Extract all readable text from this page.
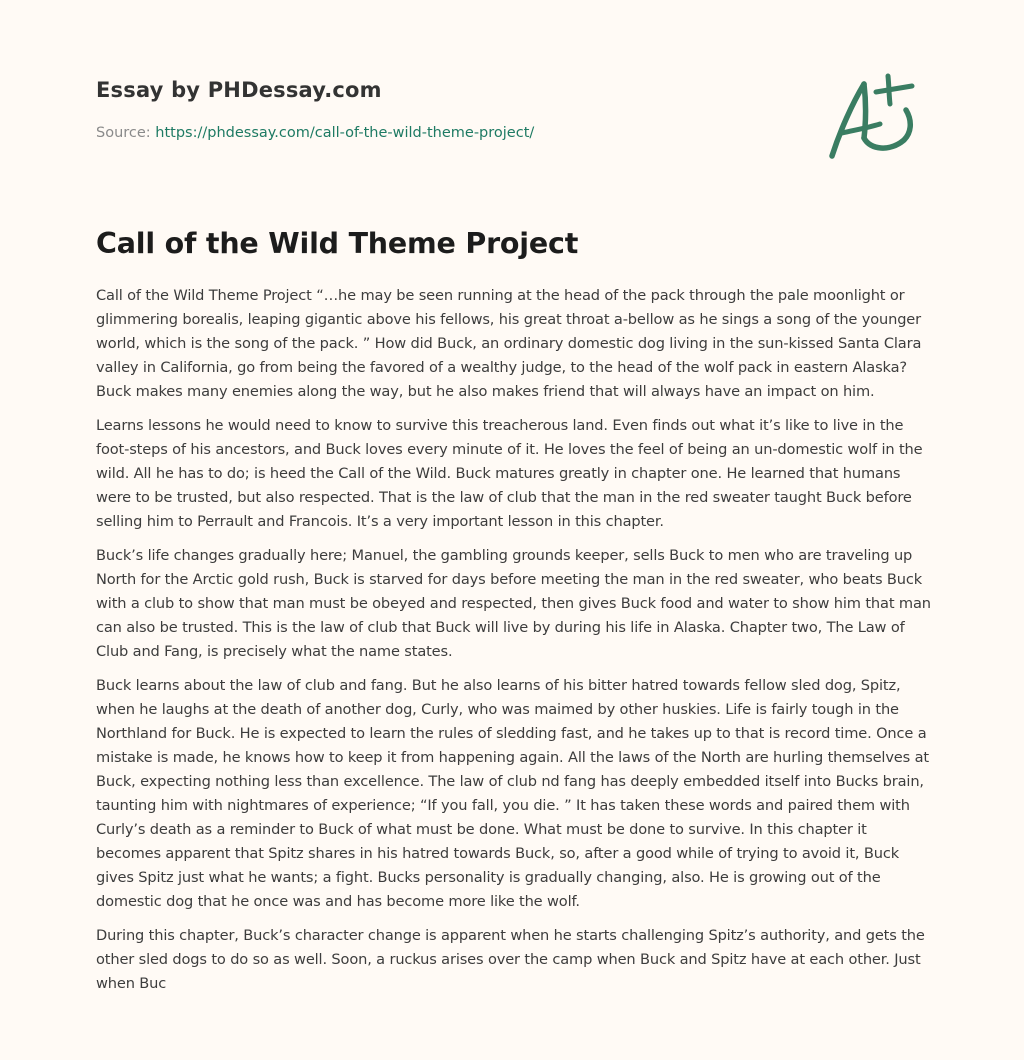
Essay by PHDessay.com
Source: https://phdessay.com/call-of-the-wild-theme-project/
Call of the Wild Theme Project

Call of the Wild Theme Project “…he may be seen running at the head of the pack through the pale moonlight or glimmering borealis, leaping gigantic above his fellows, his great throat a-bellow as he sings a song of the younger world, which is the song of the pack. ” How did Buck, an ordinary domestic dog living in the sun-kissed Santa Clara valley in California, go from being the favored of a wealthy judge, to the head of the wolf pack in eastern Alaska? Buck makes many enemies along the way, but he also makes friend that will always have an impact on him.

Learns lessons he would need to know to survive this treacherous land. Even finds out what it’s like to live in the foot-steps of his ancestors, and Buck loves every minute of it. He loves the feel of being an un-domestic wolf in the wild. All he has to do; is heed the Call of the Wild. Buck matures greatly in chapter one. He learned that humans were to be trusted, but also respected. That is the law of club that the man in the red sweater taught Buck before selling him to Perrault and Francois. It’s a very important lesson in this chapter.

Buck’s life changes gradually here; Manuel, the gambling grounds keeper, sells Buck to men who are traveling up North for the Arctic gold rush, Buck is starved for days before meeting the man in the red sweater, who beats Buck with a club to show that man must be obeyed and respected, then gives Buck food and water to show him that man can also be trusted. This is the law of club that Buck will live by during his life in Alaska. Chapter two, The Law of Club and Fang, is precisely what the name states.

Buck learns about the law of club and fang. But he also learns of his bitter hatred towards fellow sled dog, Spitz, when he laughs at the death of another dog, Curly, who was maimed by other huskies. Life is fairly tough in the Northland for Buck. He is expected to learn the rules of sledding fast, and he takes up to that is record time. Once a mistake is made, he knows how to keep it from happening again. All the laws of the North are hurling themselves at Buck, expecting nothing less than excellence. The law of club nd fang has deeply embedded itself into Bucks brain, taunting him with nightmares of experience; “If you fall, you die. ” It has taken these words and paired them with Curly’s death as a reminder to Buck of what must be done. What must be done to survive. In this chapter it becomes apparent that Spitz shares in his hatred towards Buck, so, after a good while of trying to avoid it, Buck gives Spitz just what he wants; a fight. Bucks personality is gradually changing, also. He is growing out of the domestic dog that he once was and has become more like the wolf.

During this chapter, Buck’s character change is apparent when he starts challenging Spitz’s authority, and gets the other sled dogs to do so as well. Soon, a ruckus arises over the camp when Buck and Spitz have at each other. Just when Buc
